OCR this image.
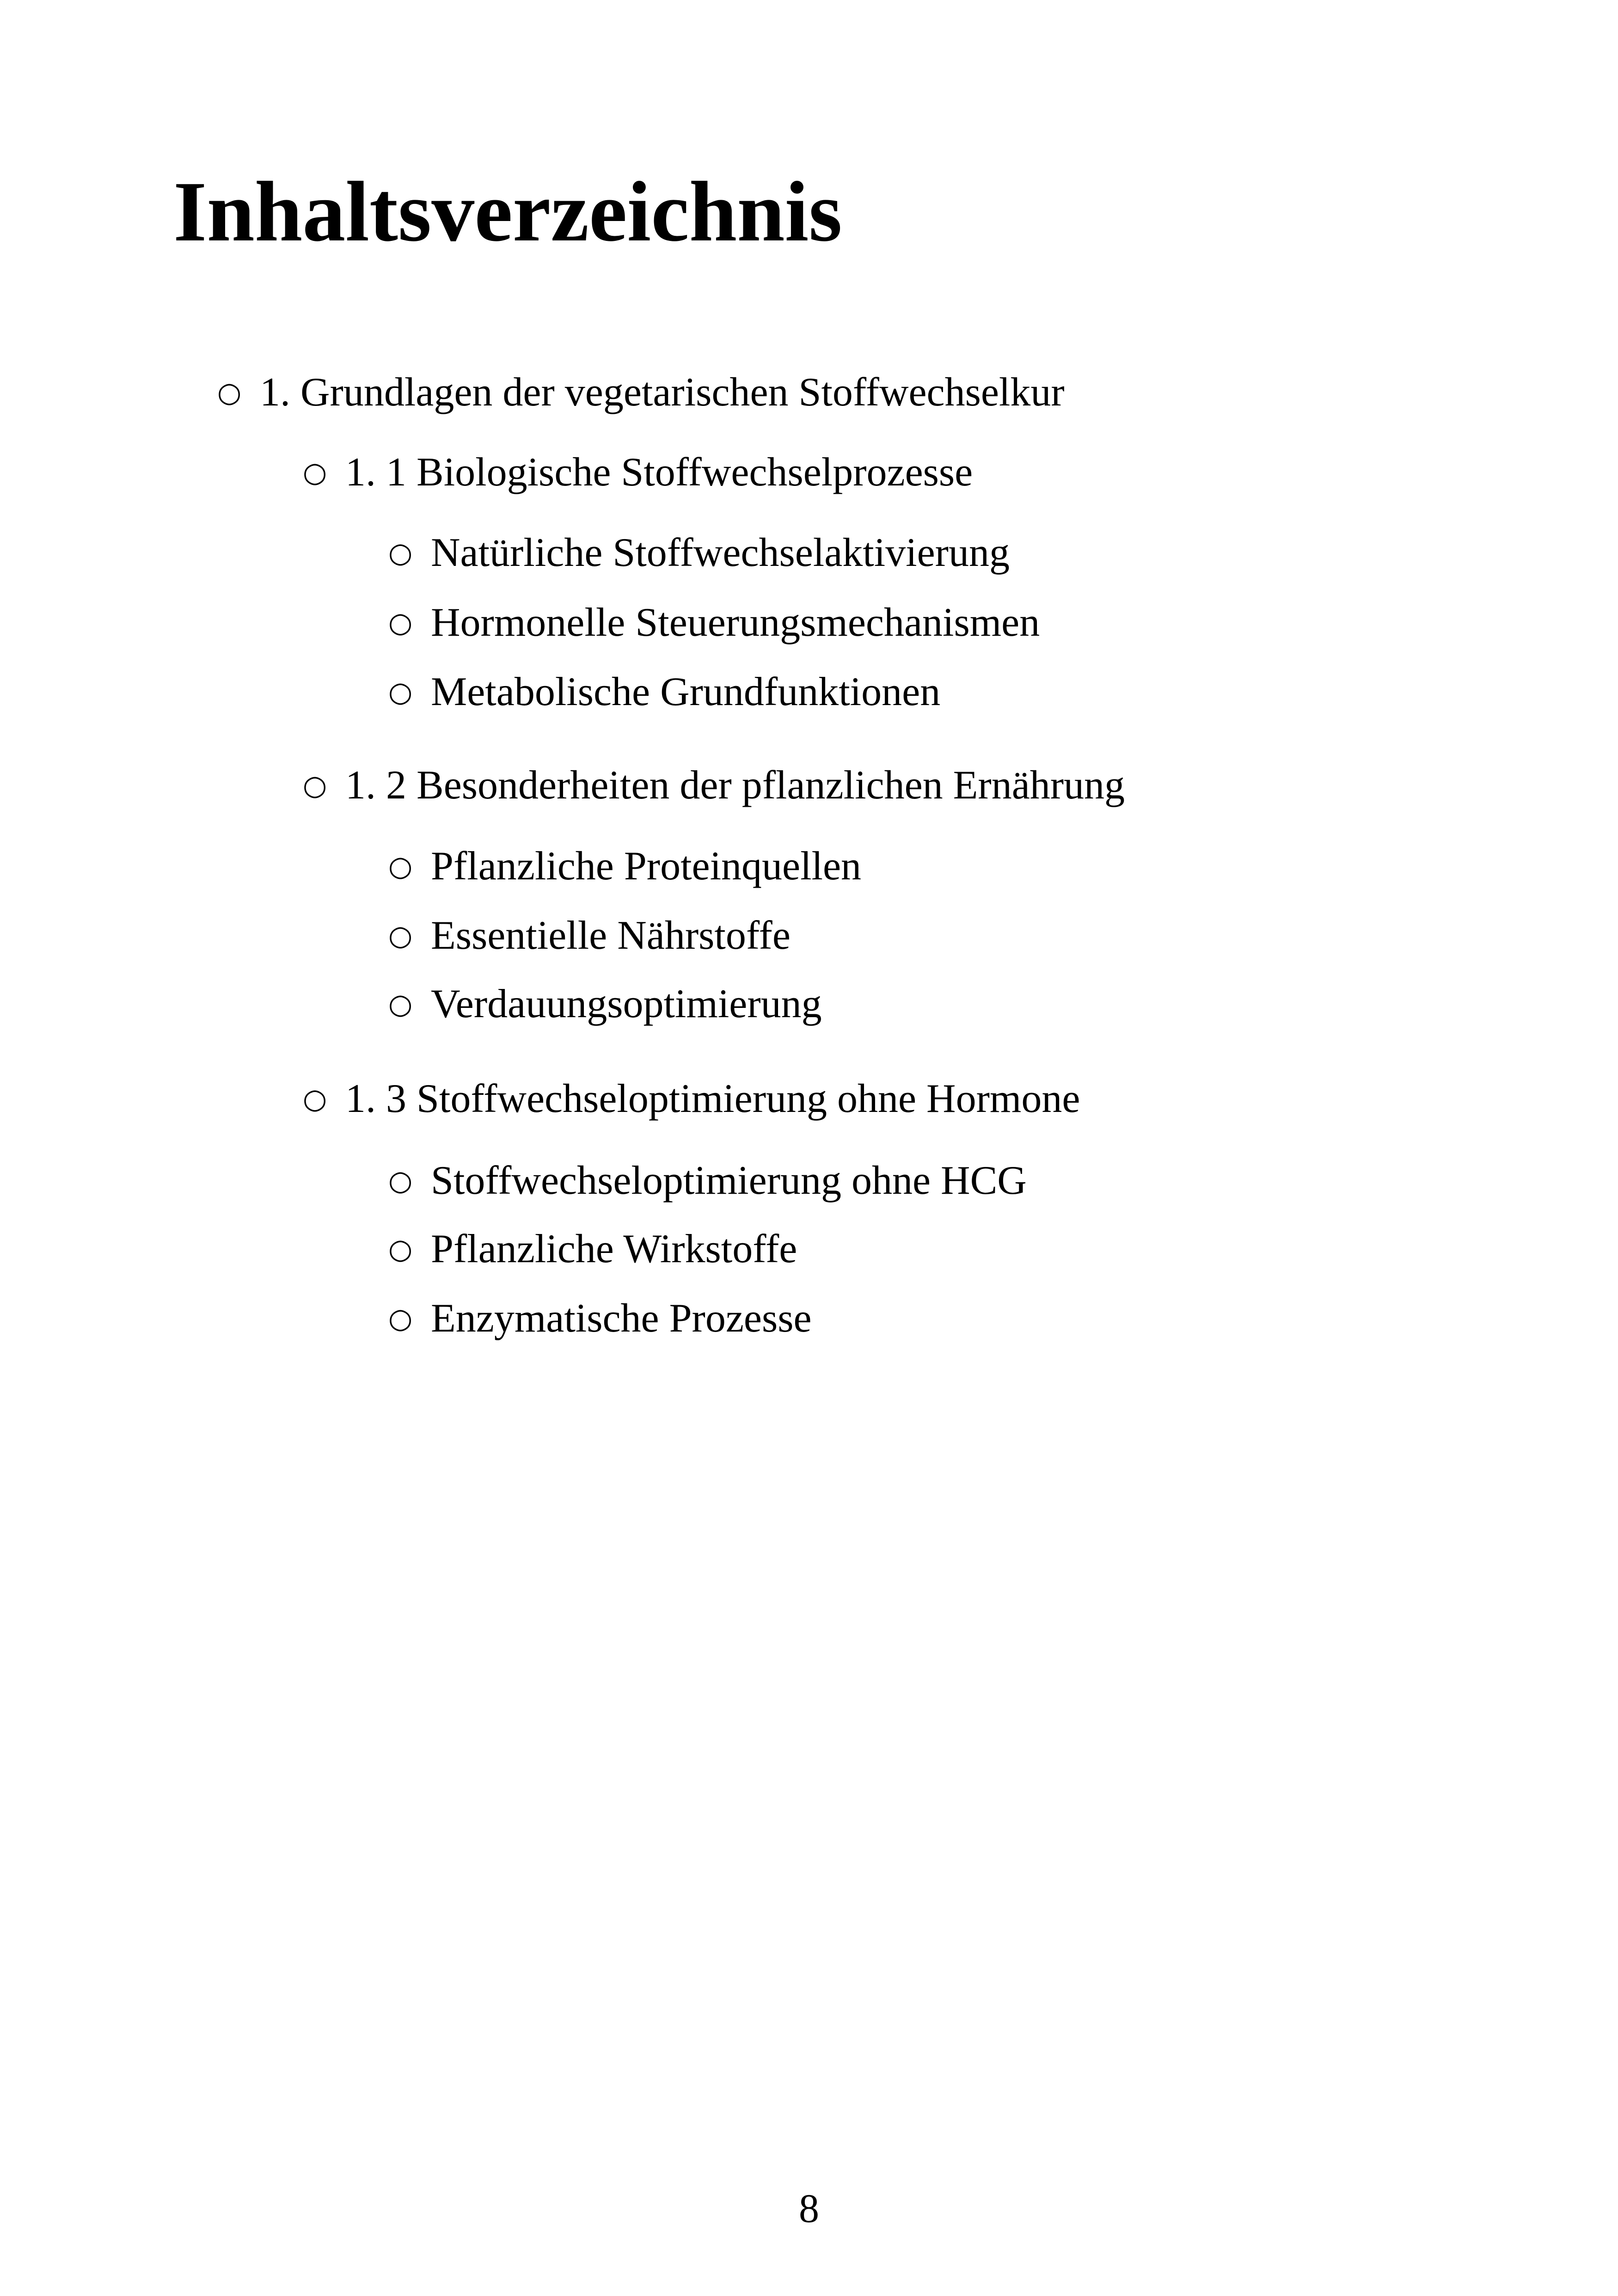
Inhaltsverzeichnis
○ 1. Grundlagen der vegetarischen Stoffwechselkur
○ 1. 1 Biologische Stoffwechselprozesse
○ Natürliche Stoffwechselaktivierung
○ Hormonelle Steuerungsmechanismen
○ Metabolische Grundfunktionen
○ 1. 2 Besonderheiten der pflanzlichen Ernährung
○ Pflanzliche Proteinquellen
○ Essentielle Nährstoffe
○ Verdauungsoptimierung
○ 1. 3 Stoffwechseloptimierung ohne Hormone
○ Stoffwechseloptimierung ohne HCG
○ Pflanzliche Wirkstoffe
○ Enzymatische Prozesse
8
